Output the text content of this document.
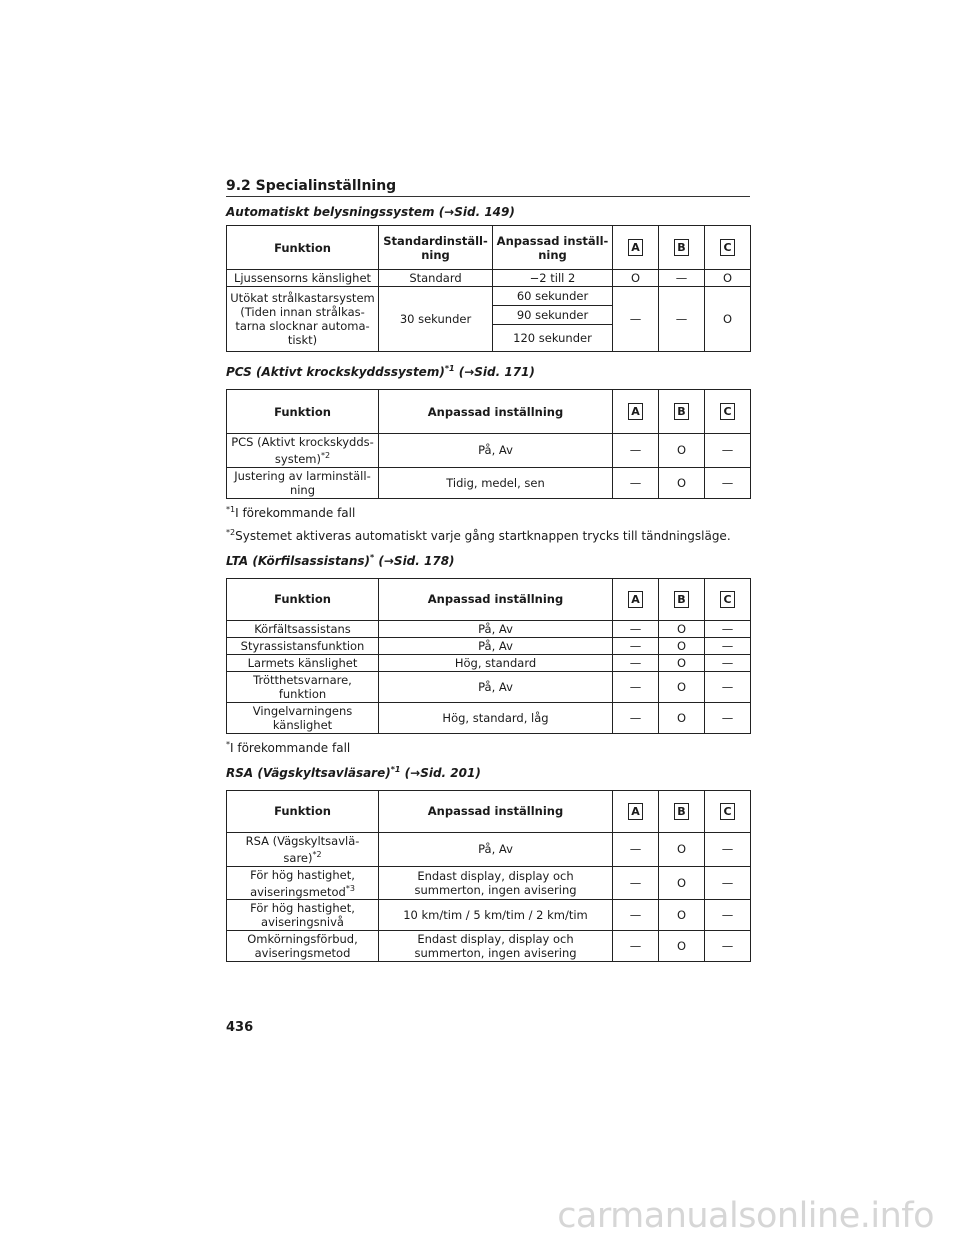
9.2 Specialinställning
Automatiskt belysningssystem (→Sid. 149)
Funktion	Standardinställ-ning	Anpassad inställ-ning	A	B	C
Ljussensorns känslighet	Standard	−2 till 2	O	—	O
Utökat strålkastarsystem (Tiden innan strålkas-tarna slocknar automa-tiskt)	30 sekunder	60 sekunder	—	—	O
		90 sekunder			
		120 sekunder			
PCS (Aktivt krockskyddssystem)$^{*1}$ (→Sid. 171)
Funktion	Anpassad inställning	A	B	C
PCS (Aktivt krockskydds-system)$^{*2}$	På, Av	—	O	—
Justering av larminställ-ning	Tidig, medel, sen	—	O	—
$^{*1}$I förekommande fall
$^{*2}$Systemet aktiveras automatiskt varje gång startknappen trycks till tändningsläge.
LTA (Körfilsassistans)* (→Sid. 178)
Funktion	Anpassad inställning	A	B	C
Körfältsassistans	På, Av	—	O	—
Styrassistansfunktion	På, Av	—	O	—
Larmets känslighet	Hög, standard	—	O	—
Trötthetsvarnare, funktion	På, Av	—	O	—
Vingelvarningens känslighet	Hög, standard, låg	—	O	—
*I förekommande fall
RSA (Vägskyltsavläsare)$^{*1}$ (→Sid. 201)
Funktion	Anpassad inställning	A	B	C
RSA (Vägskyltsavlä-sare)$^{*2}$	På, Av	—	O	—
För hög hastighet, aviseringsmetod$^{*3}$	Endast display, display och summerton, ingen avisering	—	O	—
För hög hastighet, aviseringsnivå	10 km/tim / 5 km/tim / 2 km/tim	—	O	—
Omkörningsförbud, aviseringsmetod	Endast display, display och summerton, ingen avisering	—	O	—
436
carmanualsonline.info
